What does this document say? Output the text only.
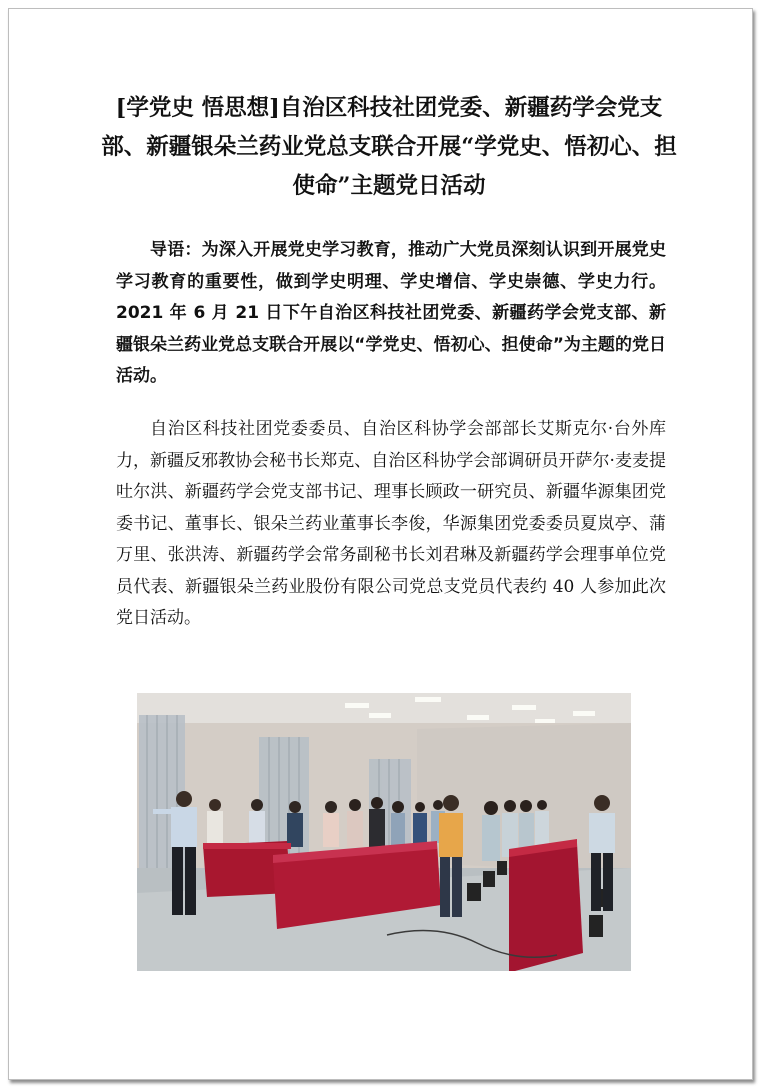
[学党史 悟思想]自治区科技社团党委、新疆药学会党支部、新疆银朵兰药业党总支联合开展“学党史、悟初心、担使命”主题党日活动

导语：为深入开展党史学习教育，推动广大党员深刻认识到开展党史学习教育的重要性，做到学史明理、学史增信、学史崇德、学史力行。2021 年 6 月 21 日下午自治区科技社团党委、新疆药学会党支部、新疆银朵兰药业党总支联合开展以“学党史、悟初心、担使命”为主题的党日活动。

自治区科技社团党委委员、自治区科协学会部部长艾斯克尔·台外库力，新疆反邪教协会秘书长郑克、自治区科协学会部调研员开萨尔·麦麦提吐尔洪、新疆药学会党支部书记、理事长顾政一研究员、新疆华源集团党委书记、董事长、银朵兰药业董事长李俊，华源集团党委委员夏岚亭、蒲万里、张洪涛、新疆药学会常务副秘书长刘君琳及新疆药学会理事单位党员代表、新疆银朵兰药业股份有限公司党总支党员代表约 40 人参加此次党日活动。
